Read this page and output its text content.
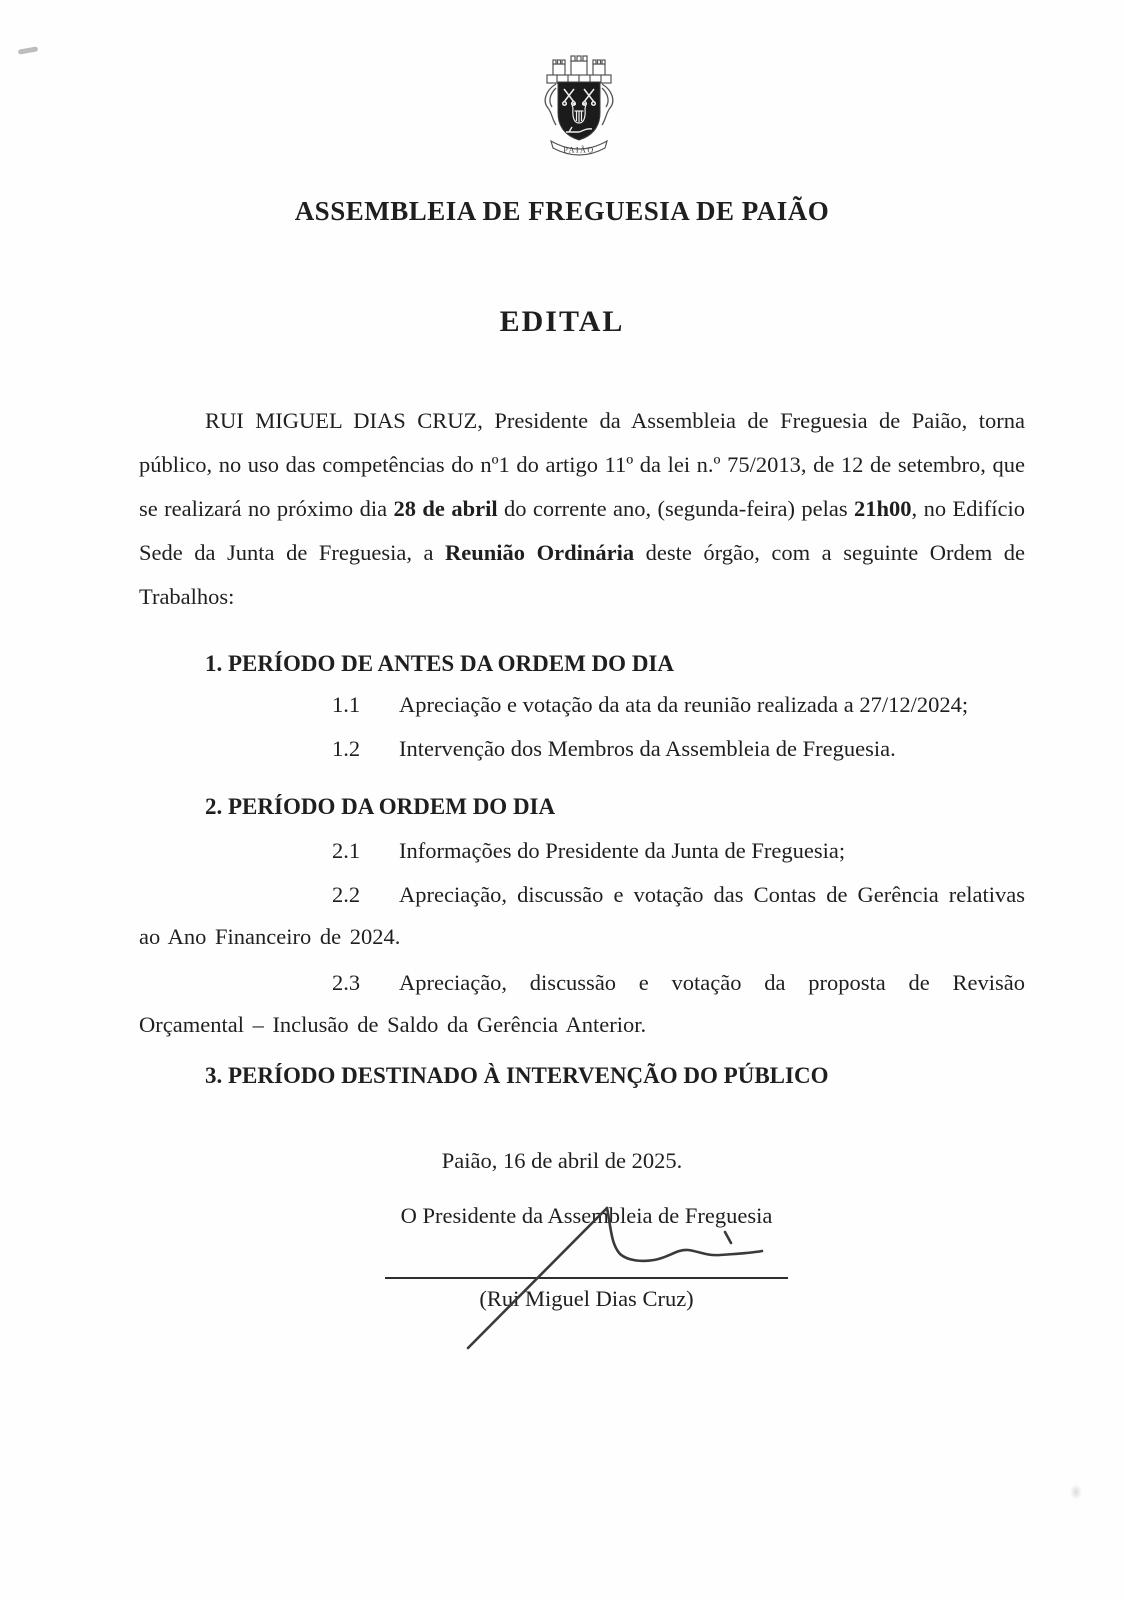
PAIÃO
ASSEMBLEIA DE FREGUESIA DE PAIÃO
EDITAL

RUI MIGUEL DIAS CRUZ, Presidente da Assembleia de Freguesia de Paião, torna público, no uso das competências do nº1 do artigo 11º da lei n.º 75/2013, de 12 de setembro, que se realizará no próximo dia 28 de abril do corrente ano, (segunda-feira) pelas 21h00, no Edifício Sede da Junta de Freguesia, a Reunião Ordinária deste órgão, com a seguinte Ordem de Trabalhos:

1. PERÍODO DE ANTES DA ORDEM DO DIA

1.1 Apreciação e votação da ata da reunião realizada a 27/12/2024;

1.2 Intervenção dos Membros da Assembleia de Freguesia.

2. PERÍODO DA ORDEM DO DIA

2.1 Informações do Presidente da Junta de Freguesia;

2.2 Apreciação, discussão e votação das Contas de Gerência relativas ao Ano Financeiro de 2024.

2.3 Apreciação, discussão e votação da proposta de Revisão Orçamental – Inclusão de Saldo da Gerência Anterior.

3. PERÍODO DESTINADO À INTERVENÇÃO DO PÚBLICO

Paião, 16 de abril de 2025.

O Presidente da Assembleia de Freguesia

(Rui Miguel Dias Cruz)
